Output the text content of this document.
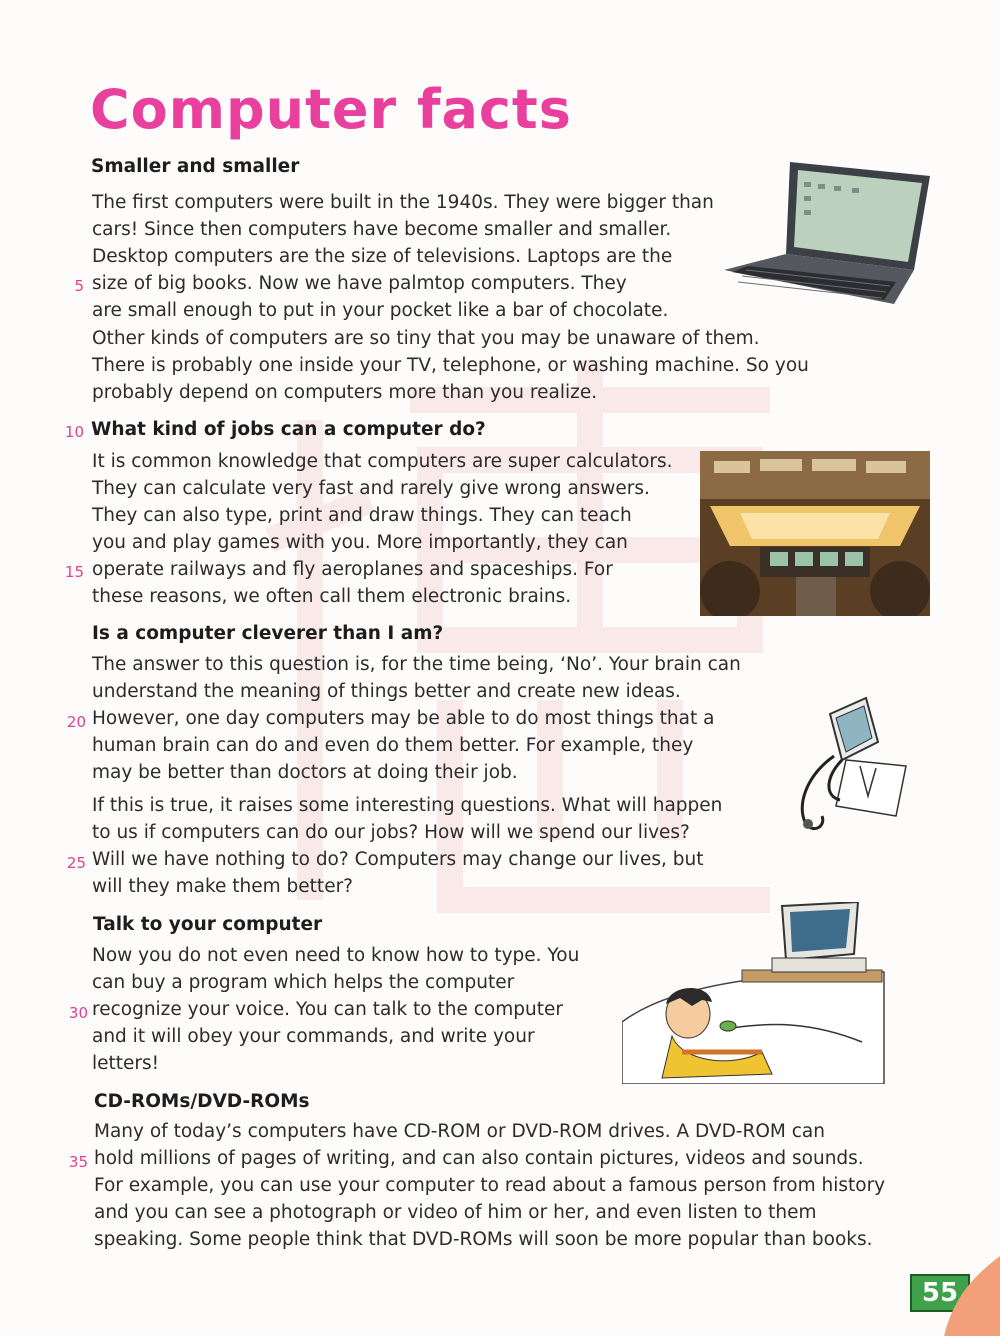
Computer facts
Smaller and smaller
The first computers were built in the 1940s. They were bigger than
cars! Since then computers have become smaller and smaller.
Desktop computers are the size of televisions. Laptops are the
size of big books. Now we have palmtop computers. They
are small enough to put in your pocket like a bar of chocolate.
Other kinds of computers are so tiny that you may be unaware of them.
There is probably one inside your TV, telephone, or washing machine. So you
probably depend on computers more than you realize.
What kind of jobs can a computer do?
It is common knowledge that computers are super calculators.
They can calculate very fast and rarely give wrong answers.
They can also type, print and draw things. They can teach
you and play games with you. More importantly, they can
operate railways and fly aeroplanes and spaceships. For
these reasons, we often call them electronic brains.
Is a computer cleverer than I am?
The answer to this question is, for the time being, ‘No’. Your brain can
understand the meaning of things better and create new ideas.
However, one day computers may be able to do most things that a
human brain can do and even do them better. For example, they
may be better than doctors at doing their job.
If this is true, it raises some interesting questions. What will happen
to us if computers can do our jobs? How will we spend our lives?
Will we have nothing to do? Computers may change our lives, but
will they make them better?
Talk to your computer
Now you do not even need to know how to type. You
can buy a program which helps the computer
recognize your voice. You can talk to the computer
and it will obey your commands, and write your
letters!
CD-ROMs/DVD-ROMs
Many of today’s computers have CD-ROM or DVD-ROM drives. A DVD-ROM can
hold millions of pages of writing, and can also contain pictures, videos and sounds.
For example, you can use your computer to read about a famous person from history
and you can see a photograph or video of him or her, and even listen to them
speaking. Some people think that DVD-ROMs will soon be more popular than books.
5
10
15
20
25
30
35
55
